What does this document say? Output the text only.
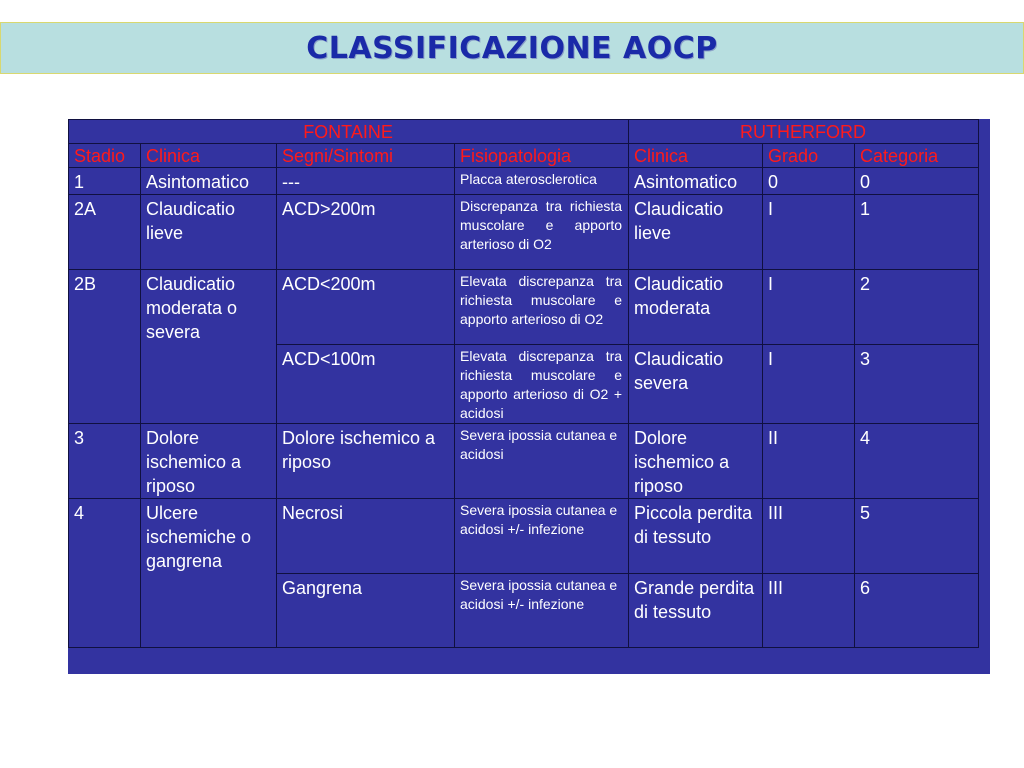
CLASSIFICAZIONE AOCP
FONTAINE				RUTHERFORD		
Stadio	Clinica	Segni/Sintomi	Fisiopatologia	Clinica	Grado	Categoria
1	Asintomatico	---	Placca aterosclerotica	Asintomatico	0	0
2A	Claudicatio lieve	ACD>200m	Discrepanza tra richiesta muscolare e apporto arterioso di O2	Claudicatio lieve	I	1
2B	Claudicatio moderata o severa	ACD<200m	Elevata discrepanza tra richiesta muscolare e apporto arterioso di O2	Claudicatio moderata	I	2
		ACD<100m	Elevata discrepanza tra richiesta muscolare e apporto arterioso di O2 + acidosi	Claudicatio severa	I	3
3	Dolore ischemico a riposo	Dolore ischemico a riposo	Severa ipossia cutanea e acidosi	Dolore ischemico a riposo	II	4
4	Ulcere ischemiche o gangrena	Necrosi	Severa ipossia cutanea e acidosi +/- infezione	Piccola perdita di tessuto	III	5
		Gangrena	Severa ipossia cutanea e acidosi +/- infezione	Grande perdita di tessuto	III	6
